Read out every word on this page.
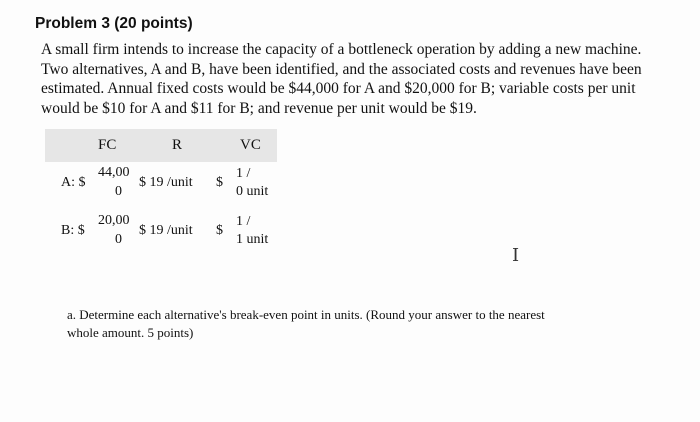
Problem 3 (20 points)
A small firm intends to increase the capacity of a bottleneck operation by adding a new machine.
Two alternatives, A and B, have been identified, and the associated costs and revenues have been
estimated. Annual fixed costs would be $44,000 for A and $20,000 for B; variable costs per unit
would be $10 for A and $11 for B; and revenue per unit would be $19.
FC	R	VC
A: $
44,00
0
$ 19 /unit $
1 /
0 unit
B: $
20,00
0
$ 19 /unit $
1 /
1 unit
I
a. Determine each alternative's break-even point in units. (Round your answer to the nearest
whole amount. 5 points)
